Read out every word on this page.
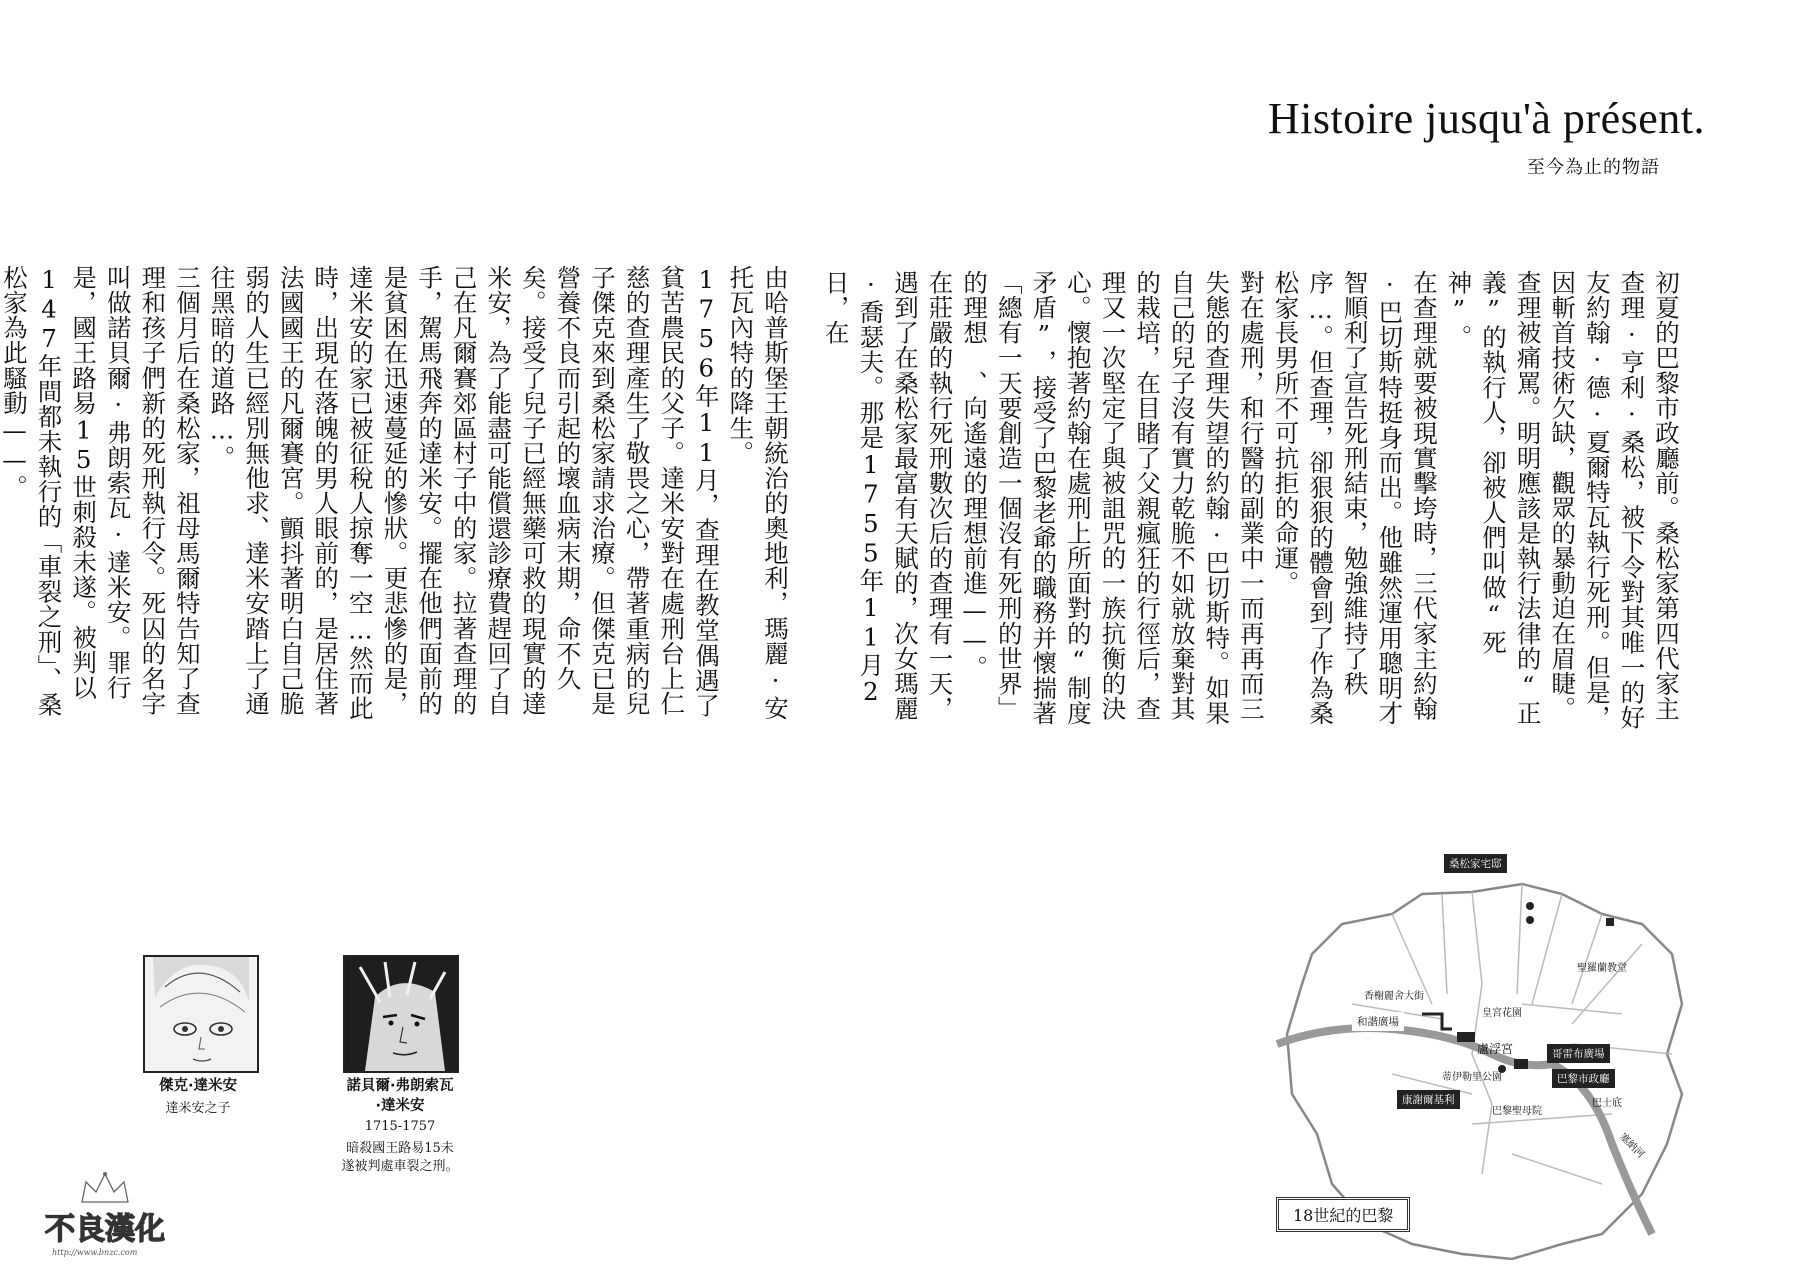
Histoire jusqu'à présent.
至今為止的物語

初夏的巴黎市政廳前。桑松家第四代家主查理·亨利·桑松，被下令對其唯一的好友約翰·德·夏爾特瓦執行死刑。但是，因斬首技術欠缺，觀眾的暴動迫在眉睫。查理被痛罵。明明應該是執行法律的“正義”的執行人，卻被人們叫做“死神”。

在查理就要被現實擊垮時，三代家主約翰·巴切斯特挺身而出。他雖然運用聰明才智順利了宣告死刑結束，勉強維持了秩序…。但查理，卻狠狠的體會到了作為桑松家長男所不可抗拒的命運。

對在處刑，和行醫的副業中一而再再而三失態的查理失望的約翰·巴切斯特。如果自己的兒子沒有實力乾脆不如就放棄對其的栽培，在目睹了父親瘋狂的行徑后，查理又一次堅定了與被詛咒的一族抗衡的決心。懷抱著約翰在處刑上所面對的“制度矛盾”，接受了巴黎老爺的職務并懷揣著「總有一天要創造一個沒有死刑的世界」的理想　、向遙遠的理想前進——。

在莊嚴的執行死刑數次后的查理有一天，遇到了在桑松家最富有天賦的，次女瑪麗·喬瑟夫。那是1755年11月2日，在

由哈普斯堡王朝統治的奧地利，瑪麗·安托瓦內特的降生。

1756年11月，查理在教堂偶遇了貧苦農民的父子。達米安對在處刑台上仁慈的查理產生了敬畏之心，帶著重病的兒子傑克來到桑松家請求治療。但傑克已是營養不良而引起的壞血病末期，命不久矣。接受了兒子已經無藥可救的現實的達米安，為了能盡可能償還診療費趕回了自己在凡爾賽郊區村子中的家。拉著查理的手，駕馬飛奔的達米安。擺在他們面前的是貧困在迅速蔓延的慘狀。更悲慘的是，達米安的家已被征稅人掠奪一空…然而此時，出現在落魄的男人眼前的，是居住著法國國王的凡爾賽宮。顫抖著明白自己脆弱的人生已經別無他求、達米安踏上了通往黑暗的道路…。

三個月后在桑松家，祖母馬爾特告知了查理和孩子們新的死刑執行令。死囚的名字叫做諾貝爾·弗朗索瓦·達米安。罪行是，國王路易15世刺殺未遂。被判以147年間都未執行的「車裂之刑」、桑松家為此騷動——。

傑克·達米安
達米安之子
諾貝爾·弗朗索瓦·達米安
1715-1757
暗殺國王路易15未遂被判處車裂之刑。
桑松家宅邸
聖羅蘭教堂
香榭麗舍大街
和諧廣場
皇宮花園
盧浮宮	哥雷布廣場
巴黎市政廳
蒂伊勒里公園
康謝爾基利
巴黎聖母院
巴士底
塞納河
18世紀的巴黎
不良漢化
http://www.bnzc.com
